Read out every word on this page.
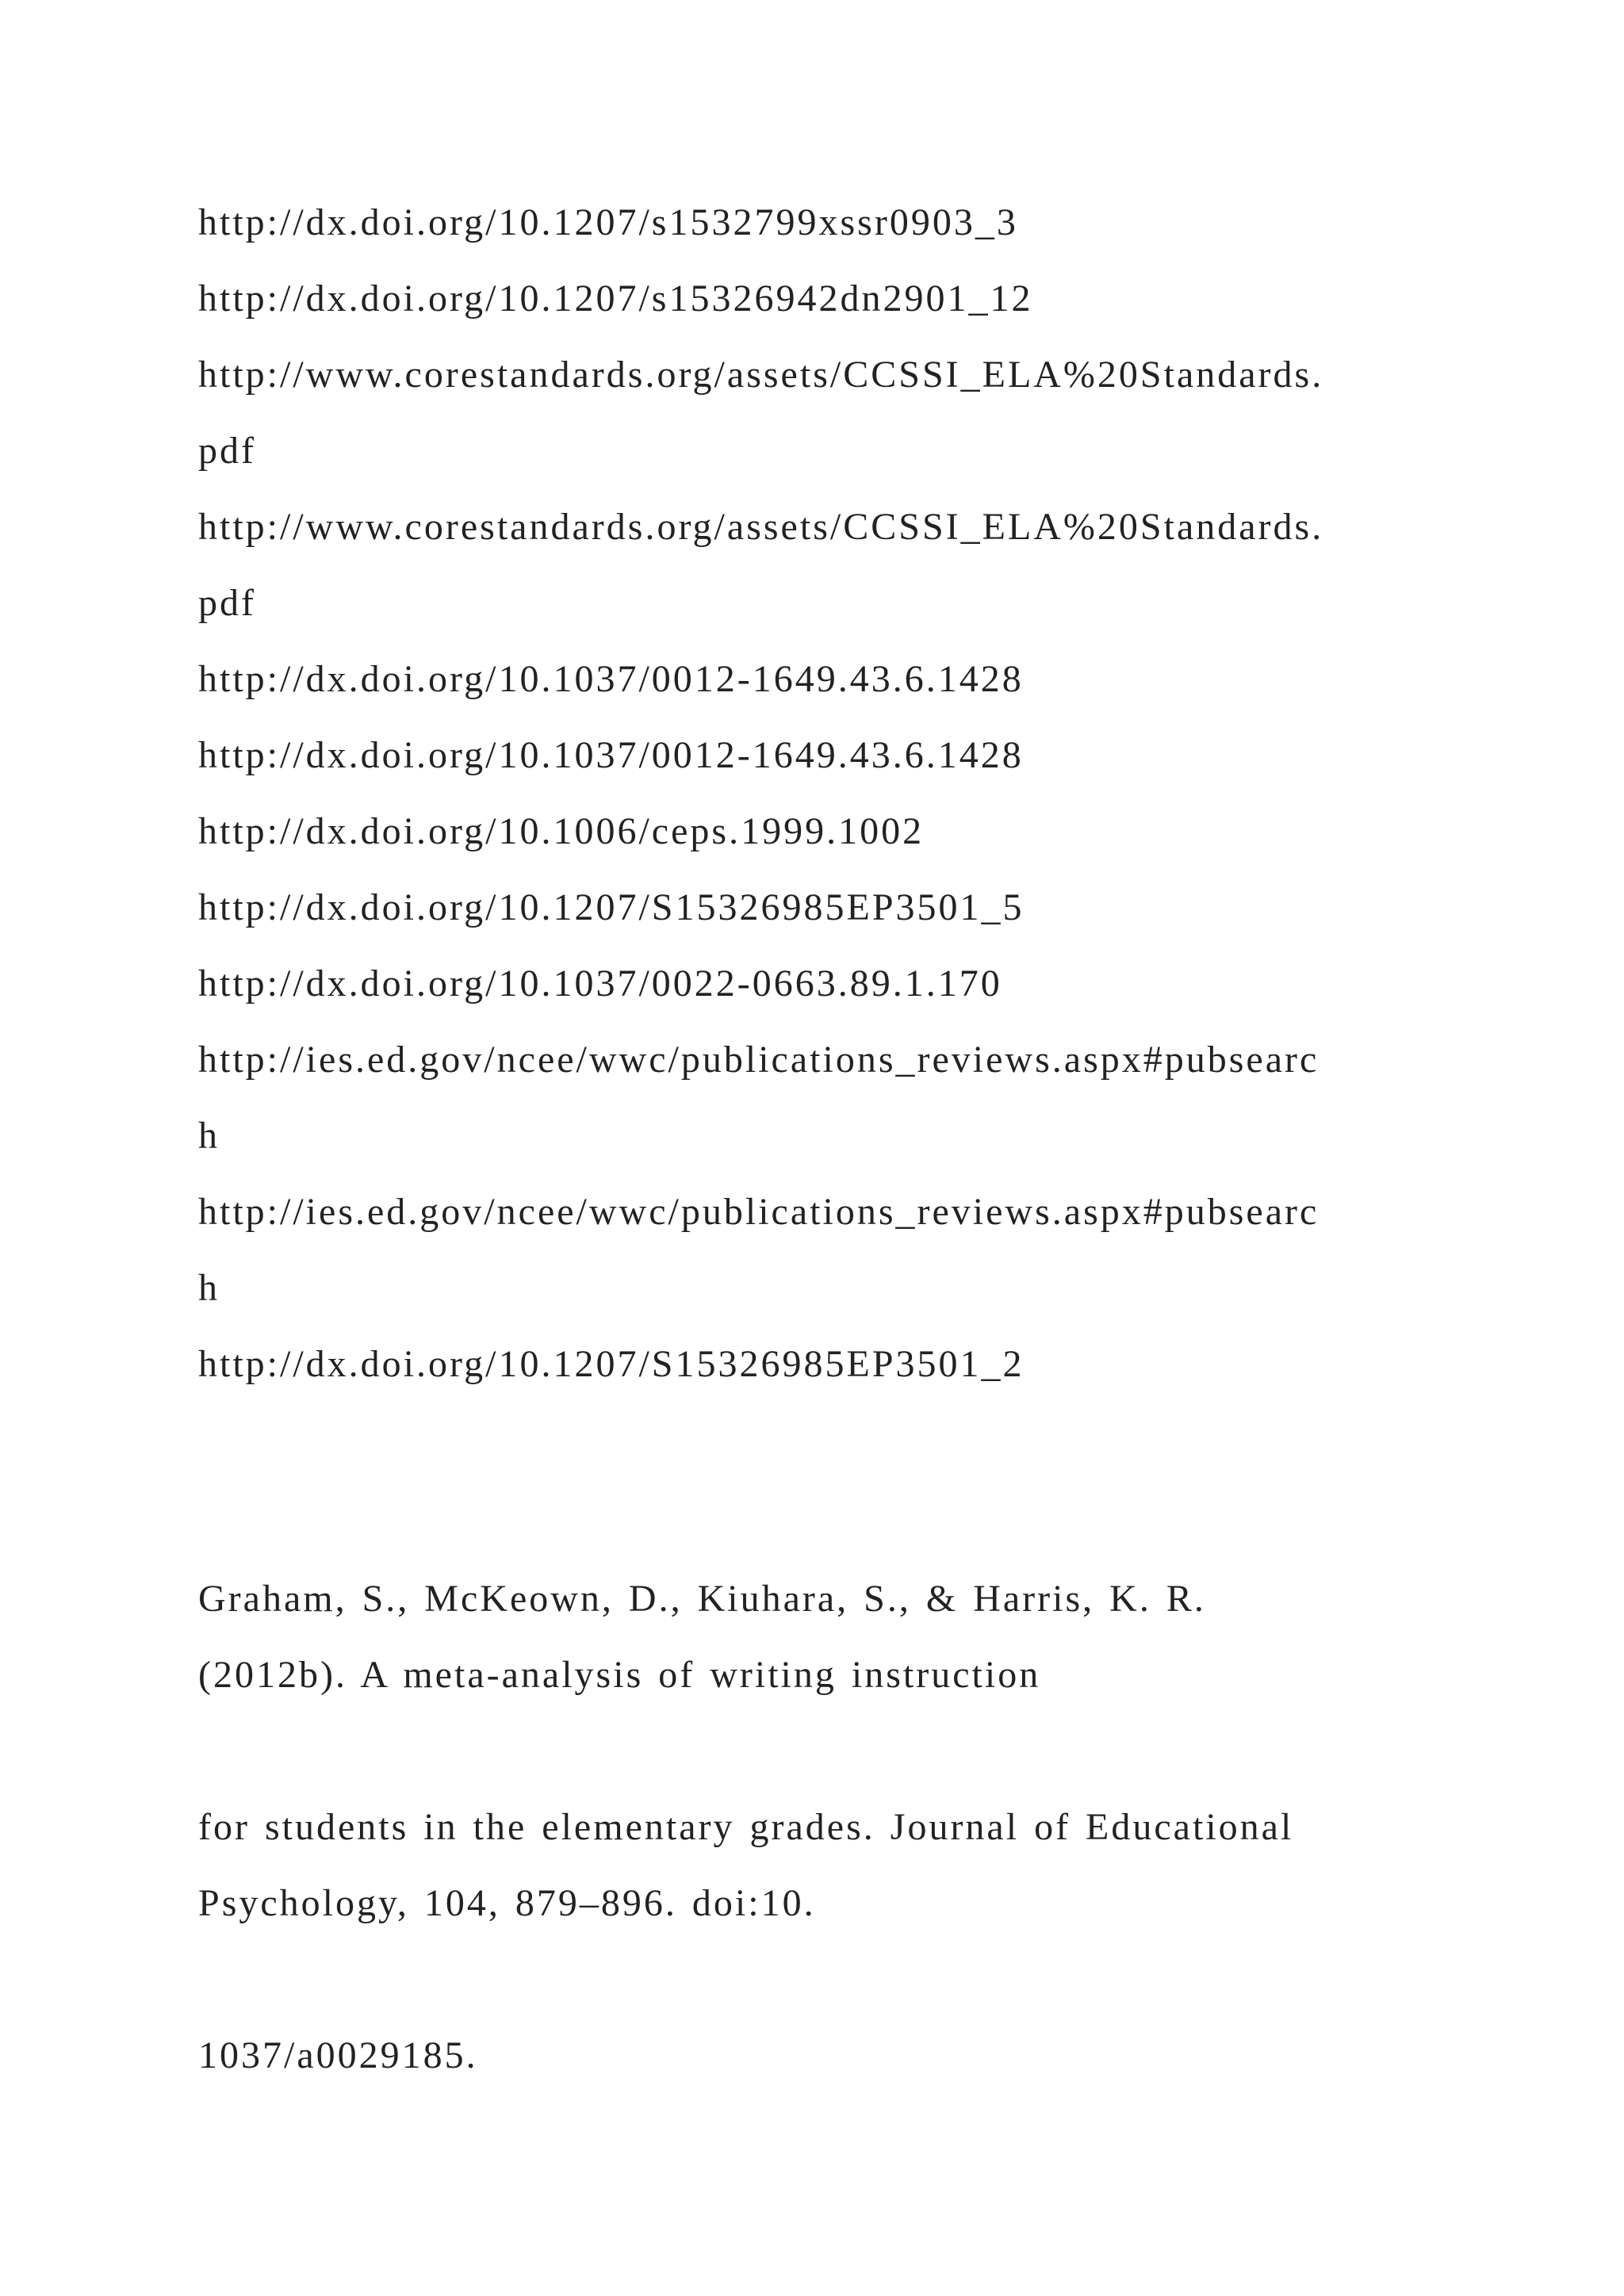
http://dx.doi.org/10.1207/s1532799xssr0903_3
http://dx.doi.org/10.1207/s15326942dn2901_12
http://www.corestandards.org/assets/CCSSI_ELA%20Standards.
pdf
http://www.corestandards.org/assets/CCSSI_ELA%20Standards.
pdf
http://dx.doi.org/10.1037/0012-1649.43.6.1428
http://dx.doi.org/10.1037/0012-1649.43.6.1428
http://dx.doi.org/10.1006/ceps.1999.1002
http://dx.doi.org/10.1207/S15326985EP3501_5
http://dx.doi.org/10.1037/0022-0663.89.1.170
http://ies.ed.gov/ncee/wwc/publications_reviews.aspx#pubsearc
h
http://ies.ed.gov/ncee/wwc/publications_reviews.aspx#pubsearc
h
http://dx.doi.org/10.1207/S15326985EP3501_2
Graham, S., McKeown, D., Kiuhara, S., & Harris, K. R.
(2012b). A meta-analysis of writing instruction
for students in the elementary grades. Journal of Educational
Psychology, 104, 879–896. doi:10.
1037/a0029185.
